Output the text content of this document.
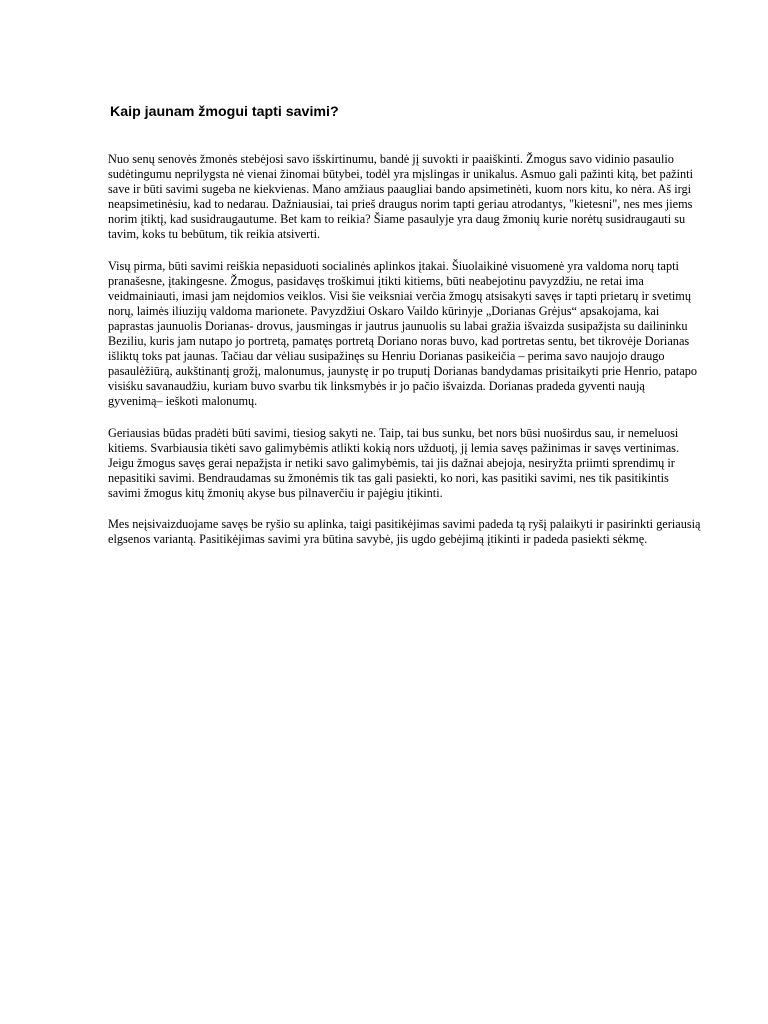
Kaip jaunam žmogui tapti savimi?

Nuo senų senovės žmonės stebėjosi savo išskirtinumu, bandė jį suvokti ir paaiškinti. Žmogus savo vidinio pasaulio
sudėtingumu neprilygsta nė vienai žinomai būtybei, todėl yra mįslingas ir unikalus. Asmuo gali pažinti kitą, bet pažinti
save ir būti savimi sugeba ne kiekvienas. Mano amžiaus paaugliai bando apsimetinėti, kuom nors kitu, ko nėra. Aš irgi
neapsimetinėsiu, kad to nedarau. Dažniausiai, tai prieš draugus norim tapti geriau atrodantys, "kietesni", nes mes jiems
norim įtiktį, kad susidraugautume. Bet kam to reikia? Šiame pasaulyje yra daug žmonių kurie norėtų susidraugauti su
tavim, koks tu bebūtum, tik reikia atsiverti.

Visų pirma, būti savimi reiškia nepasiduoti socialinės aplinkos įtakai. Šiuolaikinė visuomenė yra valdoma norų tapti
pranašesne, įtakingesne. Žmogus, pasidavęs troškimui įtikti kitiems, būti neabejotinu pavyzdžiu, ne retai ima
veidmainiauti, imasi jam neįdomios veiklos. Visi šie veiksniai verčia žmogų atsisakyti savęs ir tapti prietarų ir svetimų
norų, laimės iliuzijų valdoma marionete. Pavyzdžiui Oskaro Vaildo kūrinyje „Dorianas Grėjus“ apsakojama, kai
paprastas jaunuolis Dorianas- drovus, jausmingas ir jautrus jaunuolis su labai gražia išvaizda susipažįsta su dailininku
Beziliu, kuris jam nutapo jo portretą, pamatęs portretą Doriano noras buvo, kad portretas sentu, bet tikrovėje Dorianas
išliktų toks pat jaunas. Tačiau dar vėliau susipažinęs su Henriu Dorianas pasikeičia – perima savo naujojo draugo
pasaulėžiūrą, aukštinantį grožį, malonumus, jaunystę ir po truputį Dorianas bandydamas prisitaikyti prie Henrio, patapo
visiśku savanaudžiu, kuriam buvo svarbu tik linksmybės ir jo pačio išvaizda. Dorianas pradeda gyventi naują
gyvenimą– ieškoti malonumų.

Geriausias būdas pradėti būti savimi, tiesiog sakyti ne. Taip, tai bus sunku, bet nors būsi nuoširdus sau, ir nemeluosi
kitiems. Svarbiausia tikėti savo galimybėmis atlikti kokią nors užduotį, jį lemia savęs pažinimas ir savęs vertinimas.
Jeigu žmogus savęs gerai nepažįsta ir netiki savo galimybėmis, tai jis dažnai abejoja, nesiryžta priimti sprendimų ir
nepasitiki savimi. Bendraudamas su žmonėmis tik tas gali pasiekti, ko nori, kas pasitiki savimi, nes tik pasitikintis
savimi žmogus kitų žmonių akyse bus pilnaverčiu ir pajėgiu įtikinti.

Mes neįsivaizduojame savęs be ryšio su aplinka, taigi pasitikėjimas savimi padeda tą ryšį palaikyti ir pasirinkti geriausią
elgsenos variantą. Pasitikėjimas savimi yra būtina savybė, jis ugdo gebėjimą įtikinti ir padeda pasiekti sėkmę.
